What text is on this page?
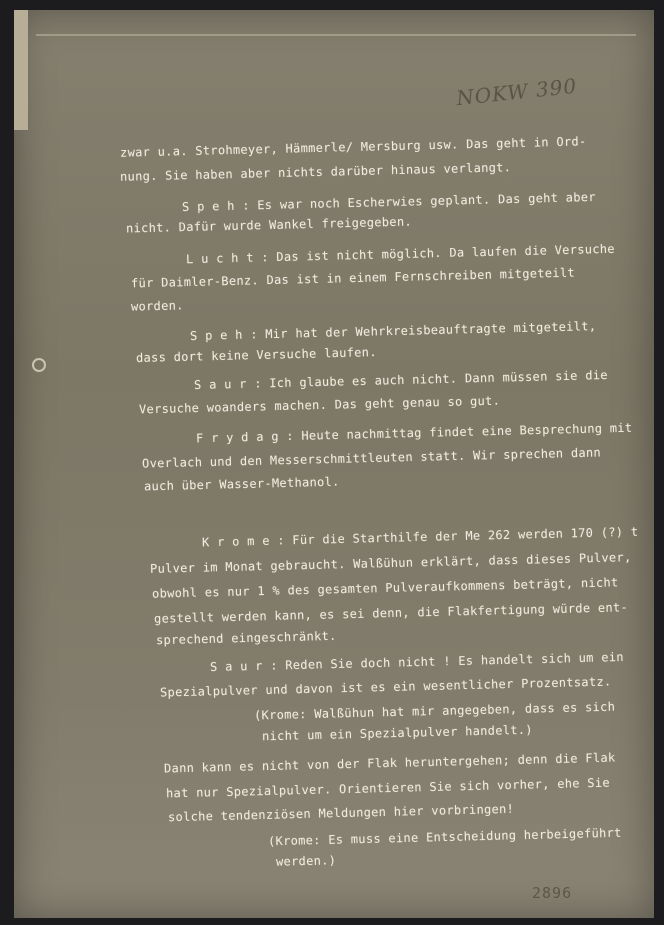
NOKW 390
zwar u.a. Strohmeyer, Hämmerle/ Mersburg usw. Das geht in Ord-
nung. Sie haben aber nichts darüber hinaus verlangt.
S p e h : Es war noch Escherwies geplant. Das geht aber
nicht. Dafür wurde Wankel freigegeben.
L u c h t : Das ist nicht möglich. Da laufen die Versuche
für Daimler-Benz. Das ist in einem Fernschreiben mitgeteilt
worden.
S p e h : Mir hat der Wehrkreisbeauftragte mitgeteilt,
dass dort keine Versuche laufen.
S a u r : Ich glaube es auch nicht. Dann müssen sie die
Versuche woanders machen. Das geht genau so gut.
F r y d a g : Heute nachmittag findet eine Besprechung mit
Overlach und den Messerschmittleuten statt. Wir sprechen dann
auch über Wasser-Methanol.
K r o m e : Für die Starthilfe der Me 262 werden 170 (?) t
Pulver im Monat gebraucht. Walßühun erklärt, dass dieses Pulver,
obwohl es nur 1 % des gesamten Pulveraufkommens beträgt, nicht
gestellt werden kann, es sei denn, die Flakfertigung würde ent-
sprechend eingeschränkt.
S a u r : Reden Sie doch nicht ! Es handelt sich um ein
Spezialpulver und davon ist es ein wesentlicher Prozentsatz.
(Krome: Walßühun hat mir angegeben, dass es sich
nicht um ein Spezialpulver handelt.)
Dann kann es nicht von der Flak heruntergehen; denn die Flak
hat nur Spezialpulver. Orientieren Sie sich vorher, ehe Sie
solche tendenziösen Meldungen hier vorbringen!
(Krome: Es muss eine Entscheidung herbeigeführt
werden.)
2896
